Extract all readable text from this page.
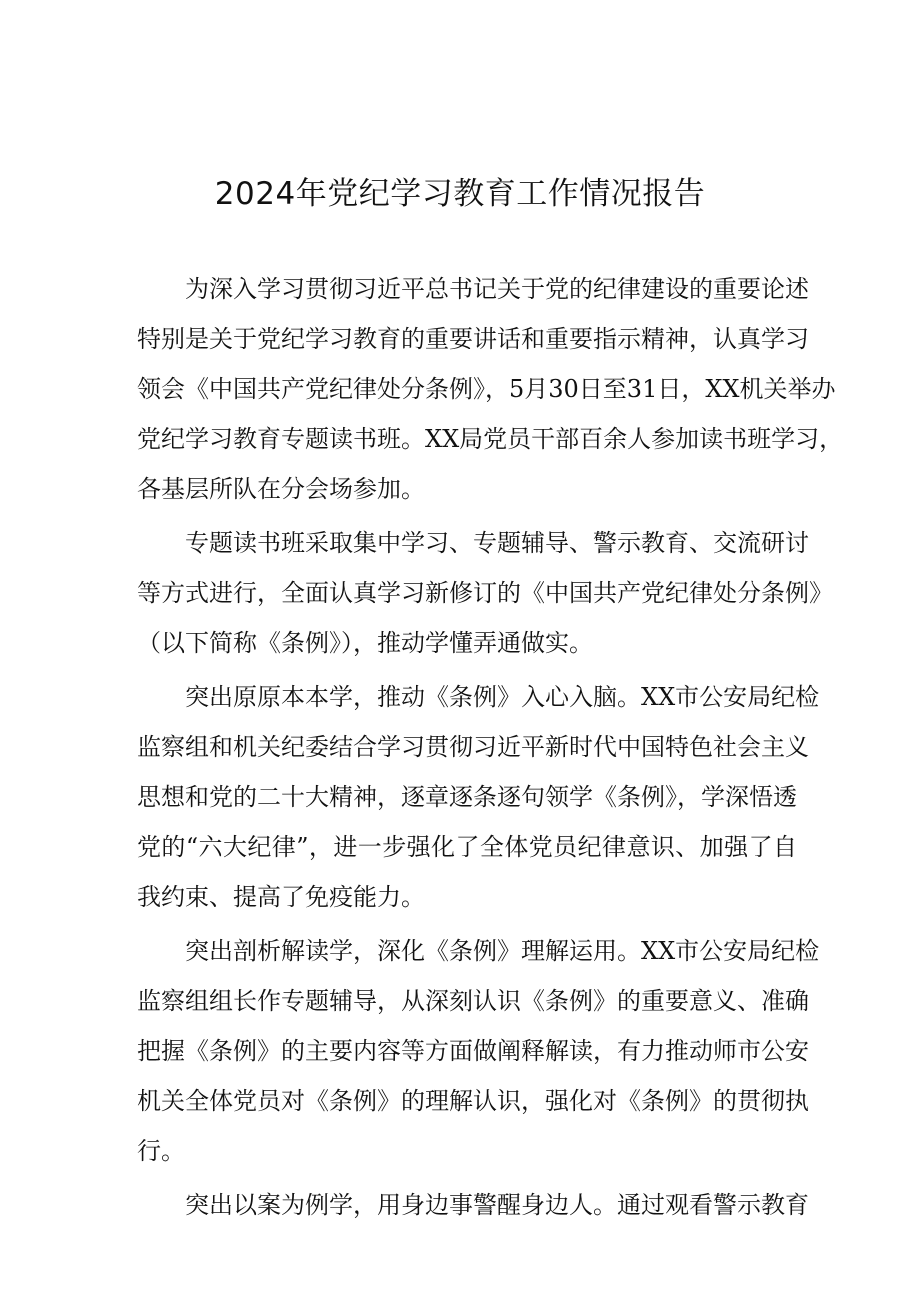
2024年党纪学习教育工作情况报告
为深入学习贯彻习近平总书记关于党的纪律建设的重要论述
特别是关于党纪学习教育的重要讲话和重要指示精神，认真学习
领会《中国共产党纪律处分条例》，5月30日至31日，XX机关举办
党纪学习教育专题读书班。XX局党员干部百余人参加读书班学习，
各基层所队在分会场参加。
专题读书班采取集中学习、专题辅导、警示教育、交流研讨
等方式进行，全面认真学习新修订的《中国共产党纪律处分条例》
（以下简称《条例》），推动学懂弄通做实。
突出原原本本学，推动《条例》入心入脑。XX市公安局纪检
监察组和机关纪委结合学习贯彻习近平新时代中国特色社会主义
思想和党的二十大精神，逐章逐条逐句领学《条例》，学深悟透
党的“六大纪律”，进一步强化了全体党员纪律意识、加强了自
我约束、提高了免疫能力。
突出剖析解读学，深化《条例》理解运用。XX市公安局纪检
监察组组长作专题辅导，从深刻认识《条例》的重要意义、准确
把握《条例》的主要内容等方面做阐释解读，有力推动师市公安
机关全体党员对《条例》的理解认识，强化对《条例》的贯彻执
行。
突出以案为例学，用身边事警醒身边人。通过观看警示教育
